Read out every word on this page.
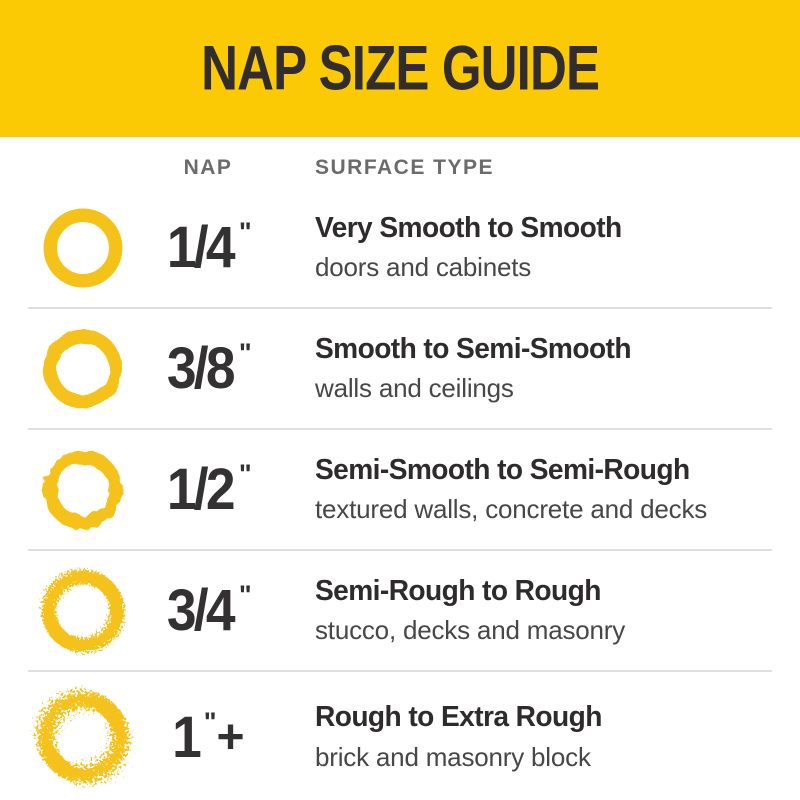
NAP SIZE GUIDE
NAP	SURFACE TYPE
1/4 "	Very Smooth to Smooth
doors and cabinets
3/8 "	Smooth to Semi-Smooth
walls and ceilings
1/2 "	Semi-Smooth to Semi-Rough
textured walls, concrete and decks
3/4 "	Semi-Rough to Rough
stucco, decks and masonry
1 "+	Rough to Extra Rough
brick and masonry block
